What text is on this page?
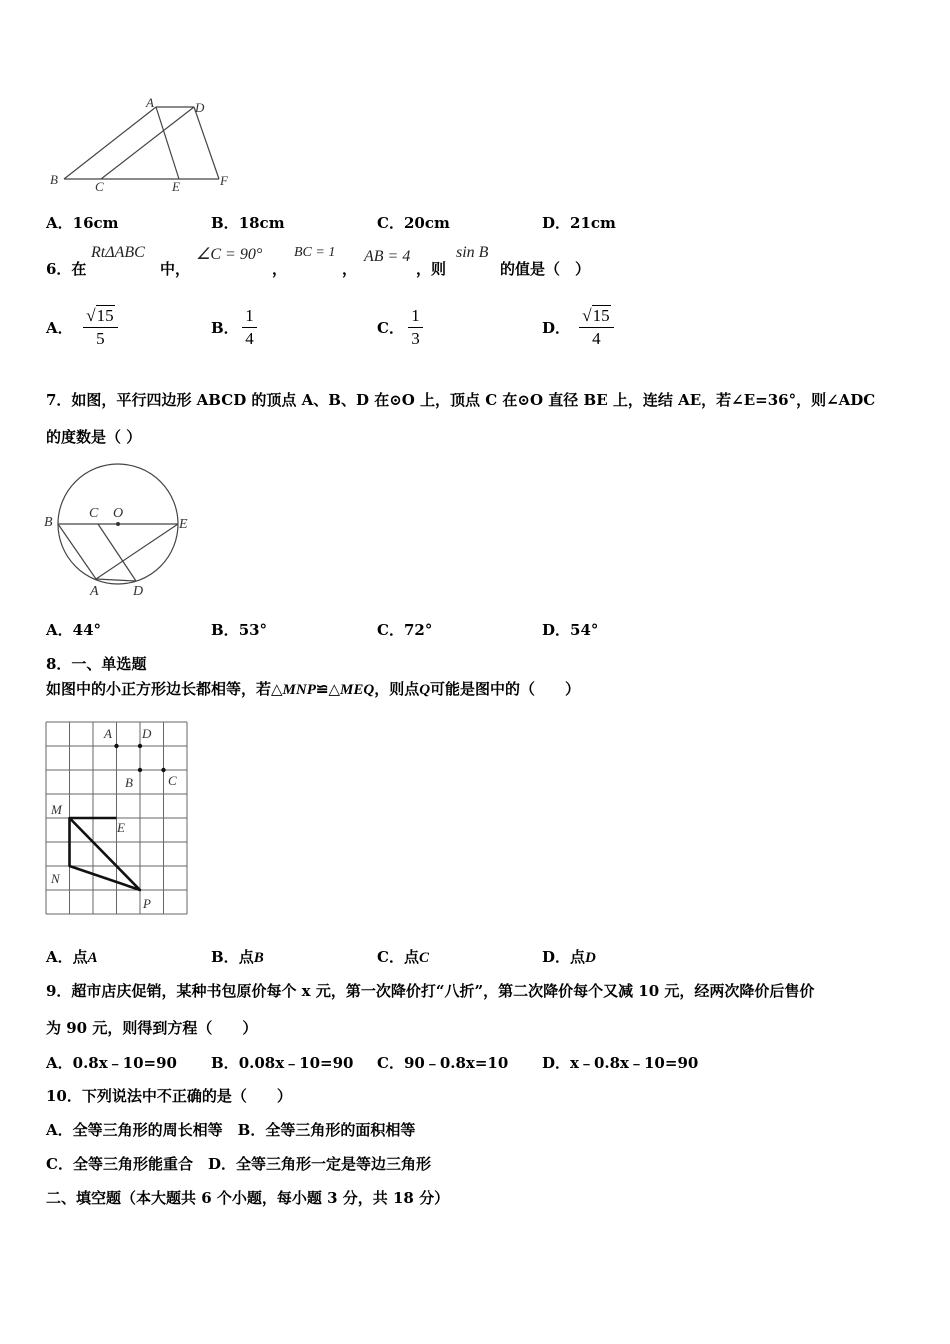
A	D
B	C	E	F
A．16cm	B．18cm	C．20cm	D．21cm
6．在
RtΔABC
中，
∠C = 90°
，
BC = 1
，
AB = 4
，则
sin B
的值是（　）
A． $\frac{√15}{5}$	B． $\frac{1}{4}$	C． $\frac{1}{3}$	D． $\frac{√15}{4}$
7．如图，平行四边形 ABCD 的顶点 A、B、D 在⊙O 上，顶点 C 在⊙O 直径 BE 上，连结 AE，若∠E=36°，则∠ADC
的度数是（ ）
B
C O
E
A D
A．44°	B．53°	C．72°	D．54°
8．一、单选题
如图中的小正方形边长都相等，若△MNP≌△MEQ，则点Q可能是图中的（　　）
A D
B	C
M
E
N
P
A．点A	B．点B	C．点C	D．点D
9．超市店庆促销，某种书包原价每个 x 元，第一次降价打“八折”，第二次降价每个又减 10 元，经两次降价后售价
为 90 元，则得到方程（　　）
A．0.8x﹣10=90 B．0.08x﹣10=90 C．90﹣0.8x=10 D．x﹣0.8x﹣10=90
10．下列说法中不正确的是（　　）
A．全等三角形的周长相等　B．全等三角形的面积相等
C．全等三角形能重合　D．全等三角形一定是等边三角形
二、填空题（本大题共 6 个小题，每小题 3 分，共 18 分）
